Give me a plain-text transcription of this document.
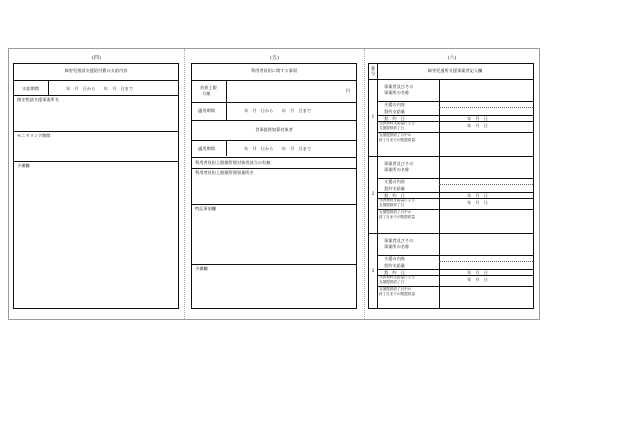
(四)
障害児相談支援給付費の支給内容
支給期間	年　月　日から　　年　月　日まで
指定相談支援事業所名
モニタリング期間
予備欄
(五)
利用者負担に関する事項
負担上限
月額
円
適用期間	年　月　日から　　年　月　日まで
食事提供加算対象者
適用期間	年　月　日から　　年　月　日まで
利用者負担上限額管理対象者該当の有無
利用者負担上限額管理事業所名
特記事項欄
予備欄
(六)
番号
障害児通所支援事業者記入欄
1
事業者及びその
事業所の名称
支援の内容
契約支給量
契　約　日	年　月　日
当該契約支給量による
支援提供終了日	年　月　日
支援提供終了月中の
終了日までの既提供量
2
事業者及びその
事業所の名称
支援の内容
契約支給量
契　約　日	年　月　日
当該契約支給量による
支援提供終了日	年　月　日
支援提供終了月中の
終了日までの既提供量
3
事業者及びその
事業所の名称
支援の内容
契約支給量
契　約　日	年　月　日
当該契約支給量による
支援提供終了日	年　月　日
支援提供終了月中の
終了日までの既提供量
